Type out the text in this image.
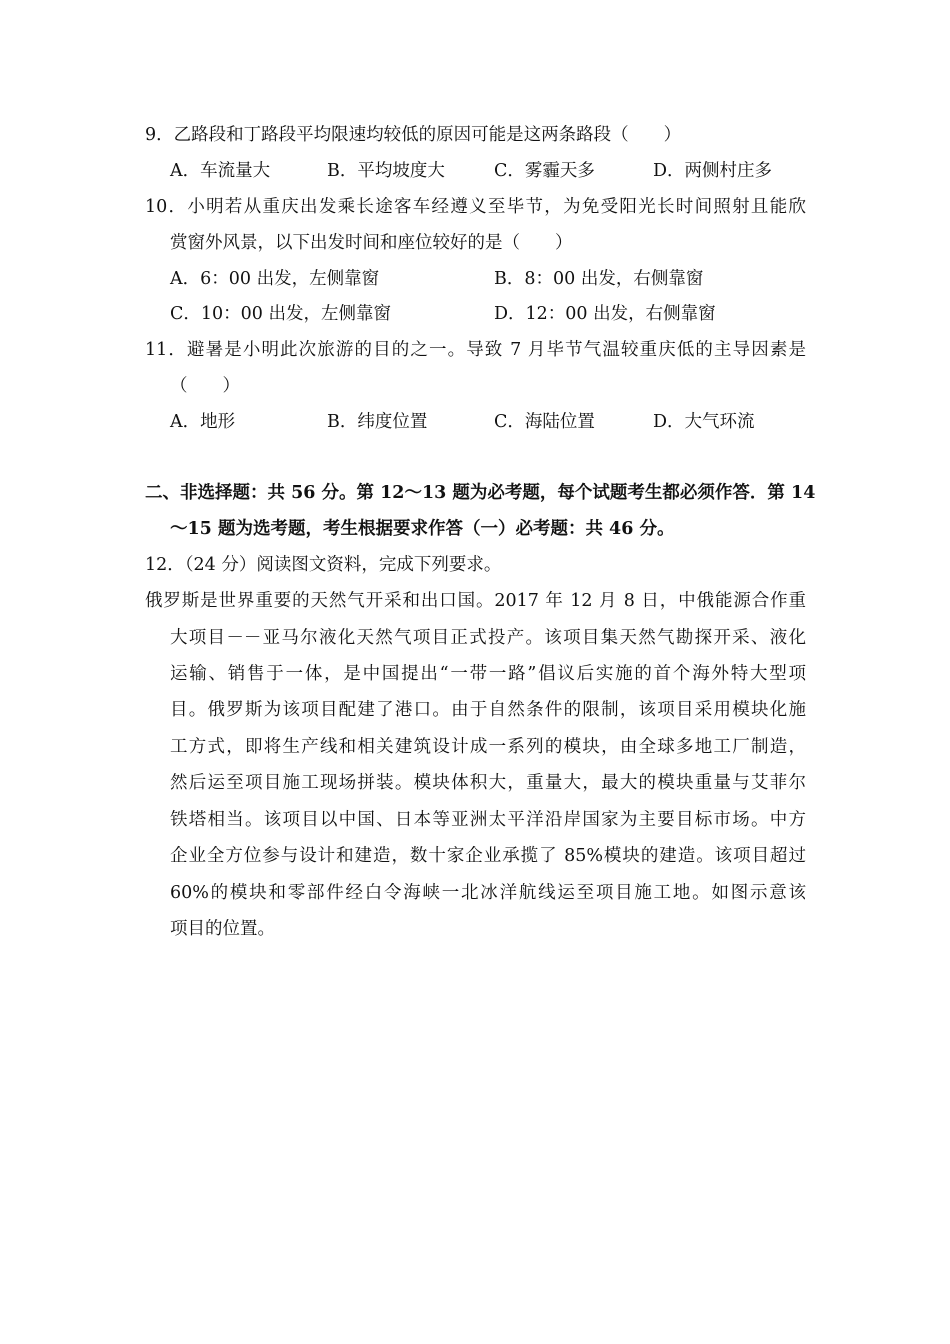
9．乙路段和丁路段平均限速均较低的原因可能是这两条路段（　　）
A．车流量大	B．平均坡度大	C．雾霾天多	D．两侧村庄多
10．小明若从重庆出发乘长途客车经遵义至毕节，为免受阳光长时间照射且能欣
赏窗外风景，以下出发时间和座位较好的是（　　）
A．6：00 出发，左侧靠窗	B．8：00 出发，右侧靠窗
C．10：00 出发，左侧靠窗	D．12：00 出发，右侧靠窗
11．避暑是小明此次旅游的目的之一。导致 7 月毕节气温较重庆低的主导因素是
（　　）
A．地形	B．纬度位置	C．海陆位置	D．大气环流
二、非选择题：共 56 分。第 12～13 题为必考题，每个试题考生都必须作答．第 14
～15 题为选考题，考生根据要求作答（一）必考题：共 46 分。
12．（24 分）阅读图文资料，完成下列要求。
俄罗斯是世界重要的天然气开采和出口国。2017 年 12 月 8 日，中俄能源合作重
大项目－－亚马尔液化天然气项目正式投产。该项目集天然气勘探开采、液化
运输、销售于一体，是中国提出“一带一路”倡议后实施的首个海外特大型项
目。俄罗斯为该项目配建了港口。由于自然条件的限制，该项目采用模块化施
工方式，即将生产线和相关建筑设计成一系列的模块，由全球多地工厂制造，
然后运至项目施工现场拼装。模块体积大，重量大，最大的模块重量与艾菲尔
铁塔相当。该项目以中国、日本等亚洲太平洋沿岸国家为主要目标市场。中方
企业全方位参与设计和建造，数十家企业承揽了 85%模块的建造。该项目超过
60%的模块和零部件经白令海峡一北冰洋航线运至项目施工地。如图示意该
项目的位置。
